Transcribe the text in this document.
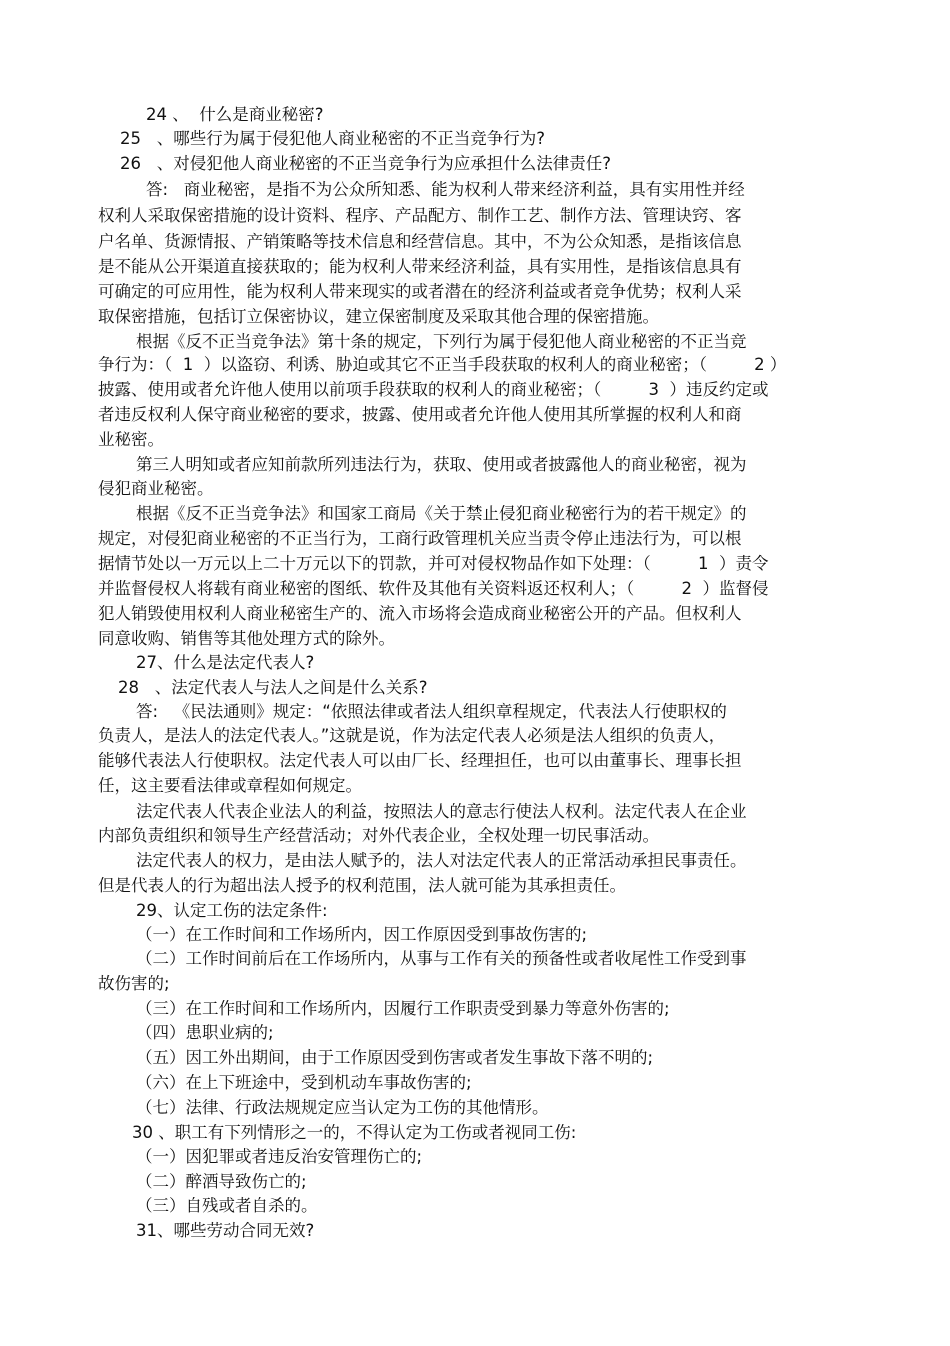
24 、  什么是商业秘密?
25   、哪些行为属于侵犯他人商业秘密的不正当竞争行为?
26   、对侵犯他人商业秘密的不正当竞争行为应承担什么法律责任?
答:   商业秘密，是指不为公众所知悉、能为权利人带来经济利益，具有实用性并经
权利人采取保密措施的设计资料、程序、产品配方、制作工艺、制作方法、管理诀窍、客
户名单、货源情报、产销策略等技术信息和经营信息。其中，不为公众知悉，是指该信息
是不能从公开渠道直接获取的；能为权利人带来经济利益，具有实用性，是指该信息具有
可确定的可应用性，能为权利人带来现实的或者潜在的经济利益或者竞争优势；权利人采
取保密措施，包括订立保密协议，建立保密制度及采取其他合理的保密措施。
根据《反不正当竞争法》第十条的规定，下列行为属于侵犯他人商业秘密的不正当竞
争行为：（  1  ）以盗窃、利诱、胁迫或其它不正当手段获取的权利人的商业秘密；（         2 ）
披露、使用或者允许他人使用以前项手段获取的权利人的商业秘密；（         3  ）违反约定或
者违反权利人保守商业秘密的要求，披露、使用或者允许他人使用其所掌握的权利人和商
业秘密。
第三人明知或者应知前款所列违法行为，获取、使用或者披露他人的商业秘密，视为
侵犯商业秘密。
根据《反不正当竞争法》和国家工商局《关于禁止侵犯商业秘密行为的若干规定》的
规定，对侵犯商业秘密的不正当行为，工商行政管理机关应当责令停止违法行为，可以根
据情节处以一万元以上二十万元以下的罚款，并可对侵权物品作如下处理：（         1  ）责令
并监督侵权人将载有商业秘密的图纸、软件及其他有关资料返还权利人；（         2  ）监督侵
犯人销毁使用权利人商业秘密生产的、流入市场将会造成商业秘密公开的产品。但权利人
同意收购、销售等其他处理方式的除外。
27、什么是法定代表人?
28   、法定代表人与法人之间是什么关系?
答:   《民法通则》规定：“依照法律或者法人组织章程规定，代表法人行使职权的
负责人，是法人的法定代表人。”这就是说，作为法定代表人必须是法人组织的负责人，
能够代表法人行使职权。法定代表人可以由厂长、经理担任，也可以由董事长、理事长担
任，这主要看法律或章程如何规定。
法定代表人代表企业法人的利益，按照法人的意志行使法人权利。法定代表人在企业
内部负责组织和领导生产经营活动；对外代表企业，全权处理一切民事活动。
法定代表人的权力，是由法人赋予的，法人对法定代表人的正常活动承担民事责任。
但是代表人的行为超出法人授予的权利范围，法人就可能为其承担责任。
29、认定工伤的法定条件:
（一）在工作时间和工作场所内，因工作原因受到事故伤害的;
（二）工作时间前后在工作场所内，从事与工作有关的预备性或者收尾性工作受到事
故伤害的;
（三）在工作时间和工作场所内，因履行工作职责受到暴力等意外伤害的;
（四）患职业病的;
（五）因工外出期间，由于工作原因受到伤害或者发生事故下落不明的;
（六）在上下班途中，受到机动车事故伤害的;
（七）法律、行政法规规定应当认定为工伤的其他情形。
30 、职工有下列情形之一的，不得认定为工伤或者视同工伤:
（一）因犯罪或者违反治安管理伤亡的;
（二）醉酒导致伤亡的;
（三）自残或者自杀的。
31、哪些劳动合同无效?
